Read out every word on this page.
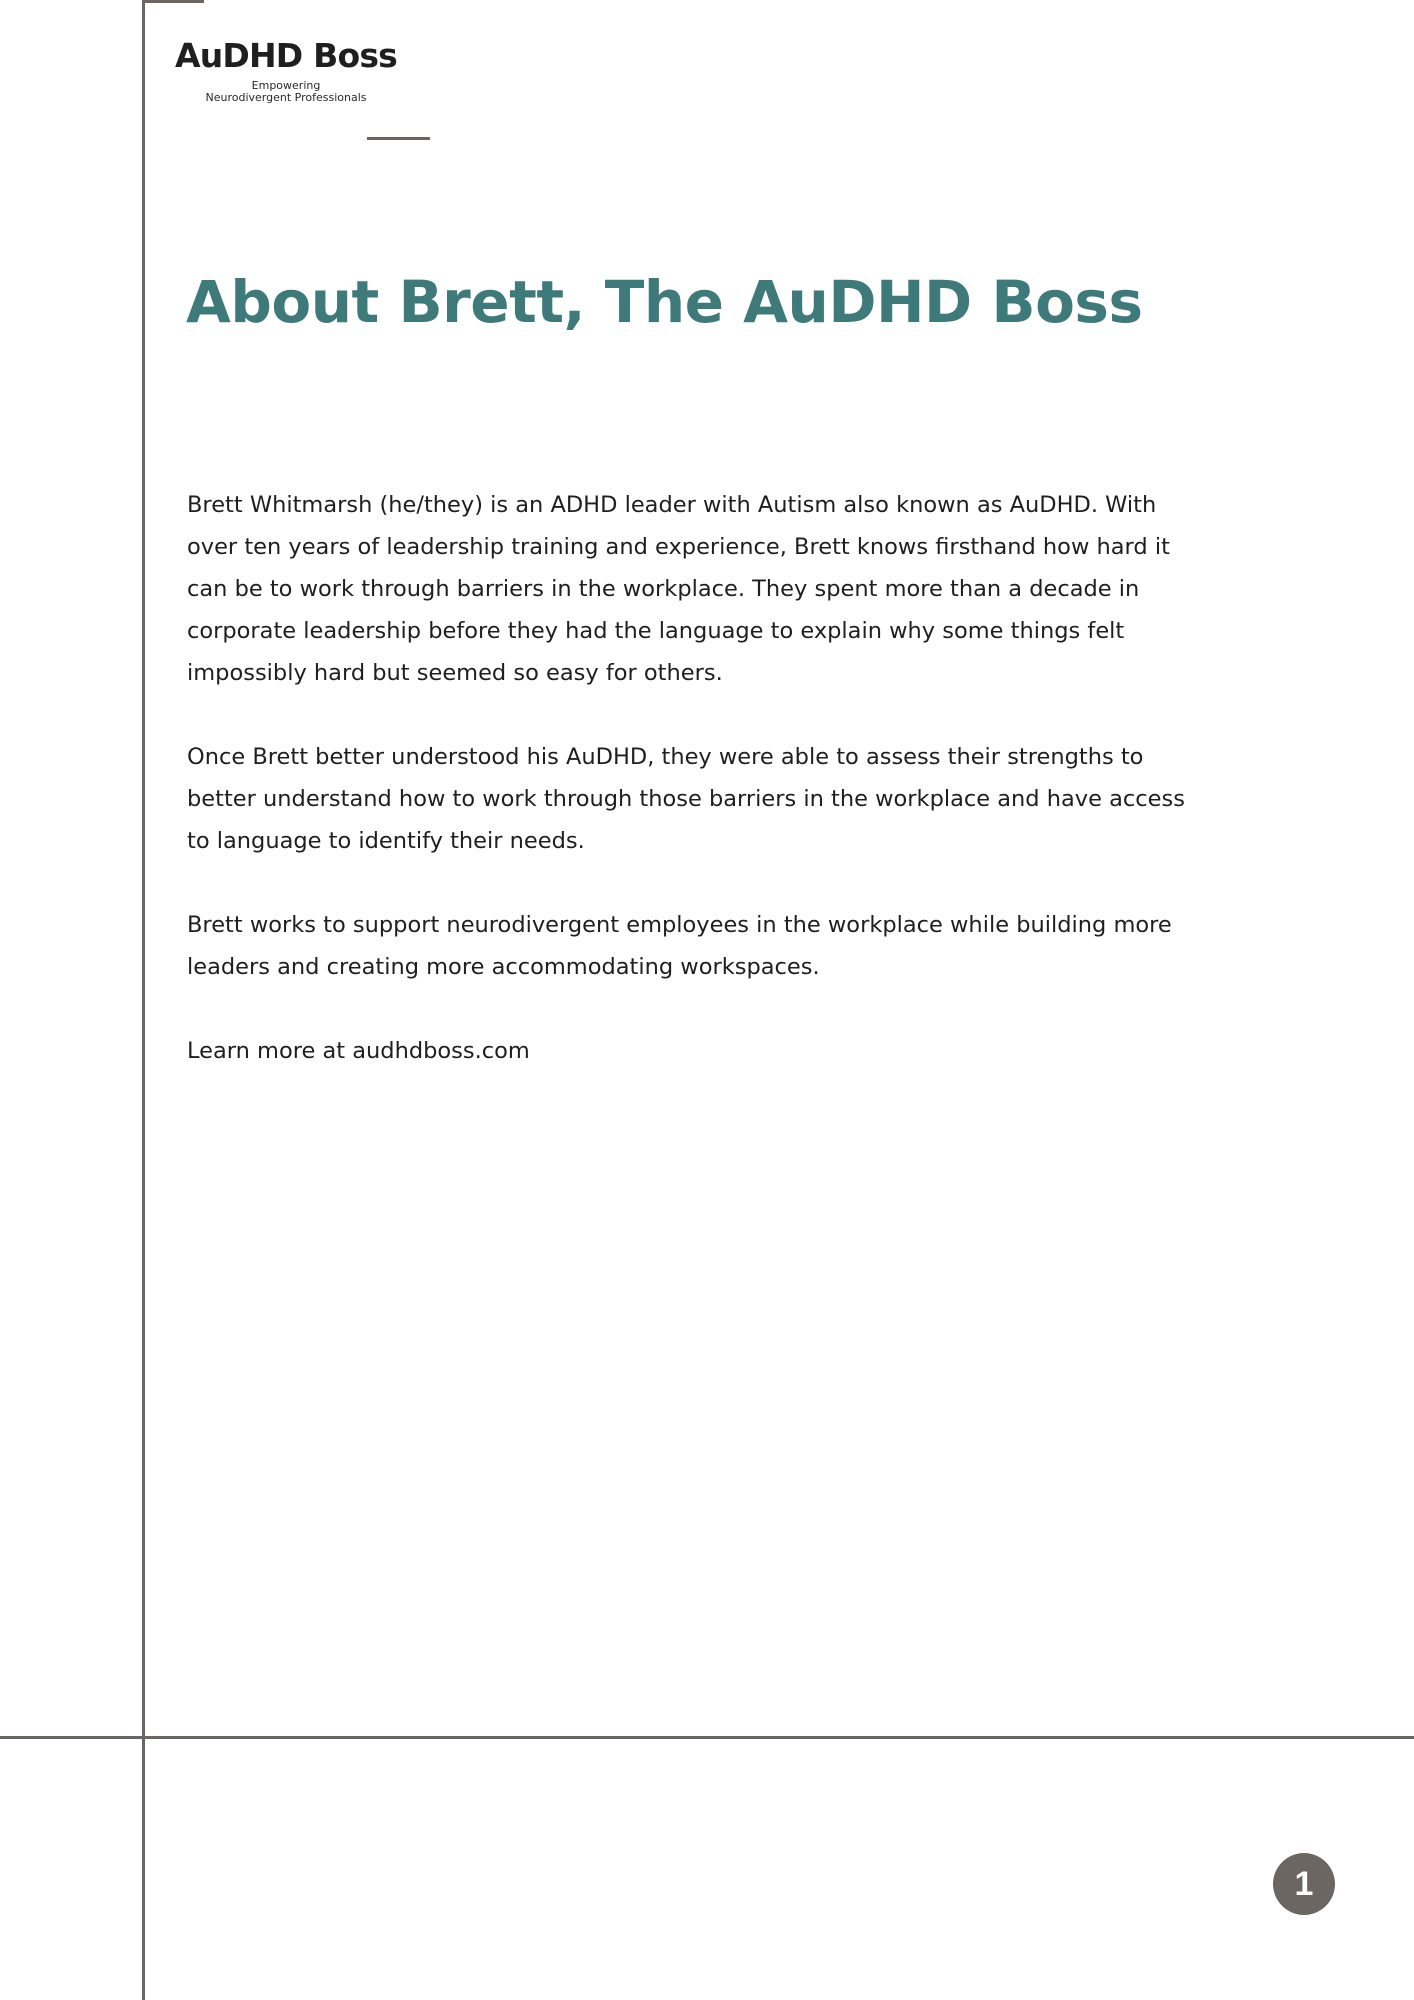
AuDHD Boss
Empowering
Neurodivergent Professionals
About Brett, The AuDHD Boss

Brett Whitmarsh (he/they) is an ADHD leader with Autism also known as AuDHD. With over ten years of leadership training and experience, Brett knows firsthand how hard it can be to work through barriers in the workplace. They spent more than a decade in corporate leadership before they had the language to explain why some things felt impossibly hard but seemed so easy for others.

Once Brett better understood his AuDHD, they were able to assess their strengths to better understand how to work through those barriers in the workplace and have access to language to identify their needs.

Brett works to support neurodivergent employees in the workplace while building more leaders and creating more accommodating workspaces.

Learn more at audhdboss.com

1
